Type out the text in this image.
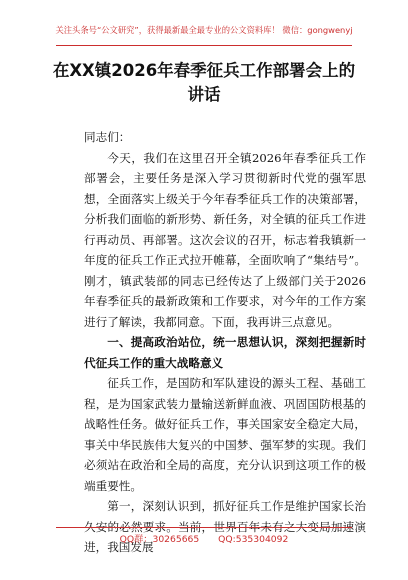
关注头条号“公文研究”，获得最新最全最专业的公文资料库！ 微信：gongwenyj
在XX镇2026年春季征兵工作部署会上的讲话

同志们：

今天，我们在这里召开全镇2026年春季征兵工作部署会，主要任务是深入学习贯彻新时代党的强军思想，全面落实上级关于今年春季征兵工作的决策部署，分析我们面临的新形势、新任务，对全镇的征兵工作进行再动员、再部署。这次会议的召开，标志着我镇新一年度的征兵工作正式拉开帷幕，全面吹响了“集结号”。刚才，镇武装部的同志已经传达了上级部门关于2026年春季征兵的最新政策和工作要求，对今年的工作方案进行了解读，我都同意。下面，我再讲三点意见。

一、提高政治站位，统一思想认识，深刻把握新时代征兵工作的重大战略意义

征兵工作，是国防和军队建设的源头工程、基础工程，是为国家武装力量输送新鲜血液、巩固国防根基的战略性任务。做好征兵工作，事关国家安全稳定大局，事关中华民族伟大复兴的中国梦、强军梦的实现。我们必须站在政治和全局的高度，充分认识到这项工作的极端重要性。

第一，深刻认识到，抓好征兵工作是维护国家长治久安的必然要求。当前，世界百年未有之大变局加速演进，我国发展

QQ群：30265665 QQ:535304092
